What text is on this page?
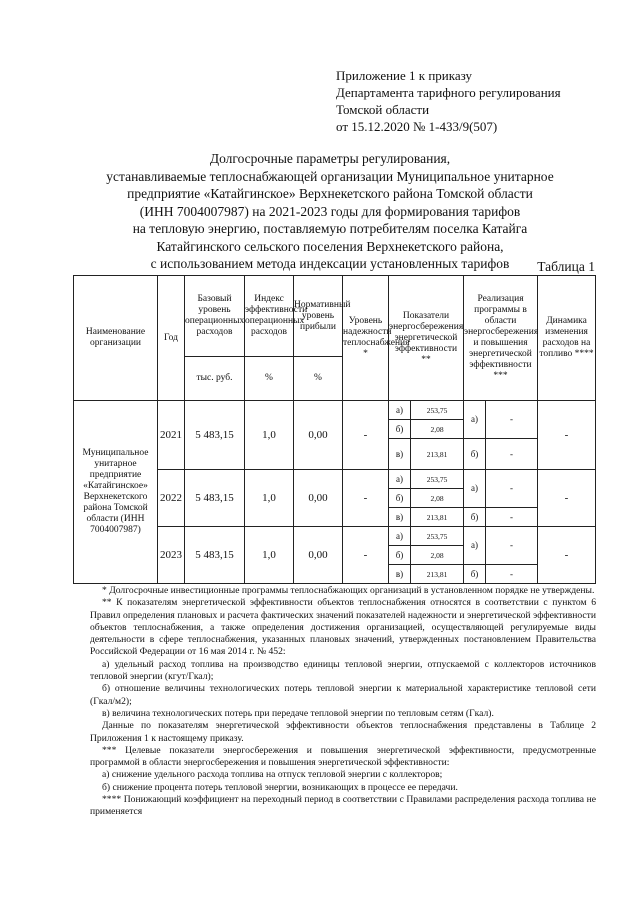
Приложение 1 к приказу
Департамента тарифного регулирования
Томской области
от 15.12.2020 № 1-433/9(507)
Долгосрочные параметры регулирования,
устанавливаемые теплоснабжающей организации Муниципальное унитарное
предприятие «Катайгинское» Верхнекетского района Томской области
(ИНН 7004007987) на 2021-2023 годы для формирования тарифов
на тепловую энергию, поставляемую потребителям поселка Катайга
Катайгинского сельского поселения Верхнекетского района,
с использованием метода индексации установленных тарифов	Таблица 1
Наименование организации	Год	Базовый уровень операционных расходов	Индекс эффективности операционных расходов	Нормативный уровень прибыли	Уровень надежности теплоснабжения *	Показатели энергосбережения энергетической эффективности **		Реализация программы в области энергосбережения и повышения энергетической эффективности ***		Динамика изменения расходов на топливо ****
		тыс. руб.	%	%						
Муниципальное унитарное предприятие «Катайгинское» Верхнекетского района Томской области (ИНН 7004007987)	2021	5 483,15	1,0	0,00	-	а)	253,75	а)	-	-
						б)	2,08			
						в)	213,81	б)	-	
	2022	5 483,15	1,0	0,00	-	а)	253,75	а)	-	-
						б)	2,08			
						в)	213,81	б)	-	
	2023	5 483,15	1,0	0,00	-	а)	253,75	а)	-	-
						б)	2,08			
						в)	213,81	б)	-	

* Долгосрочные инвестиционные программы теплоснабжающих организаций в установленном порядке не утверждены.

** К показателям энергетической эффективности объектов теплоснабжения относятся в соответствии с пунктом 6 Правил определения плановых и расчета фактических значений показателей надежности и энергетической эффективности объектов теплоснабжения, а также определения достижения организацией, осуществляющей регулируемые виды деятельности в сфере теплоснабжения, указанных плановых значений, утвержденных постановлением Правительства Российской Федерации от 16 мая 2014 г. № 452:

а) удельный расход топлива на производство единицы тепловой энергии, отпускаемой с коллекторов источников тепловой энергии (кгут/Гкал);

б) отношение величины технологических потерь тепловой энергии к материальной характеристике тепловой сети (Гкал/м2);

в) величина технологических потерь при передаче тепловой энергии по тепловым сетям (Гкал).

Данные по показателям энергетической эффективности объектов теплоснабжения представлены в Таблице 2 Приложения 1 к настоящему приказу.

*** Целевые показатели энергосбережения и повышения энергетической эффективности, предусмотренные программой в области энергосбережения и повышения энергетической эффективности:

а) снижение удельного расхода топлива на отпуск тепловой энергии с коллекторов;

б) снижение процента потерь тепловой энергии, возникающих в процессе ее передачи.

**** Понижающий коэффициент на переходный период в соответствии с Правилами распределения расхода топлива не применяется
